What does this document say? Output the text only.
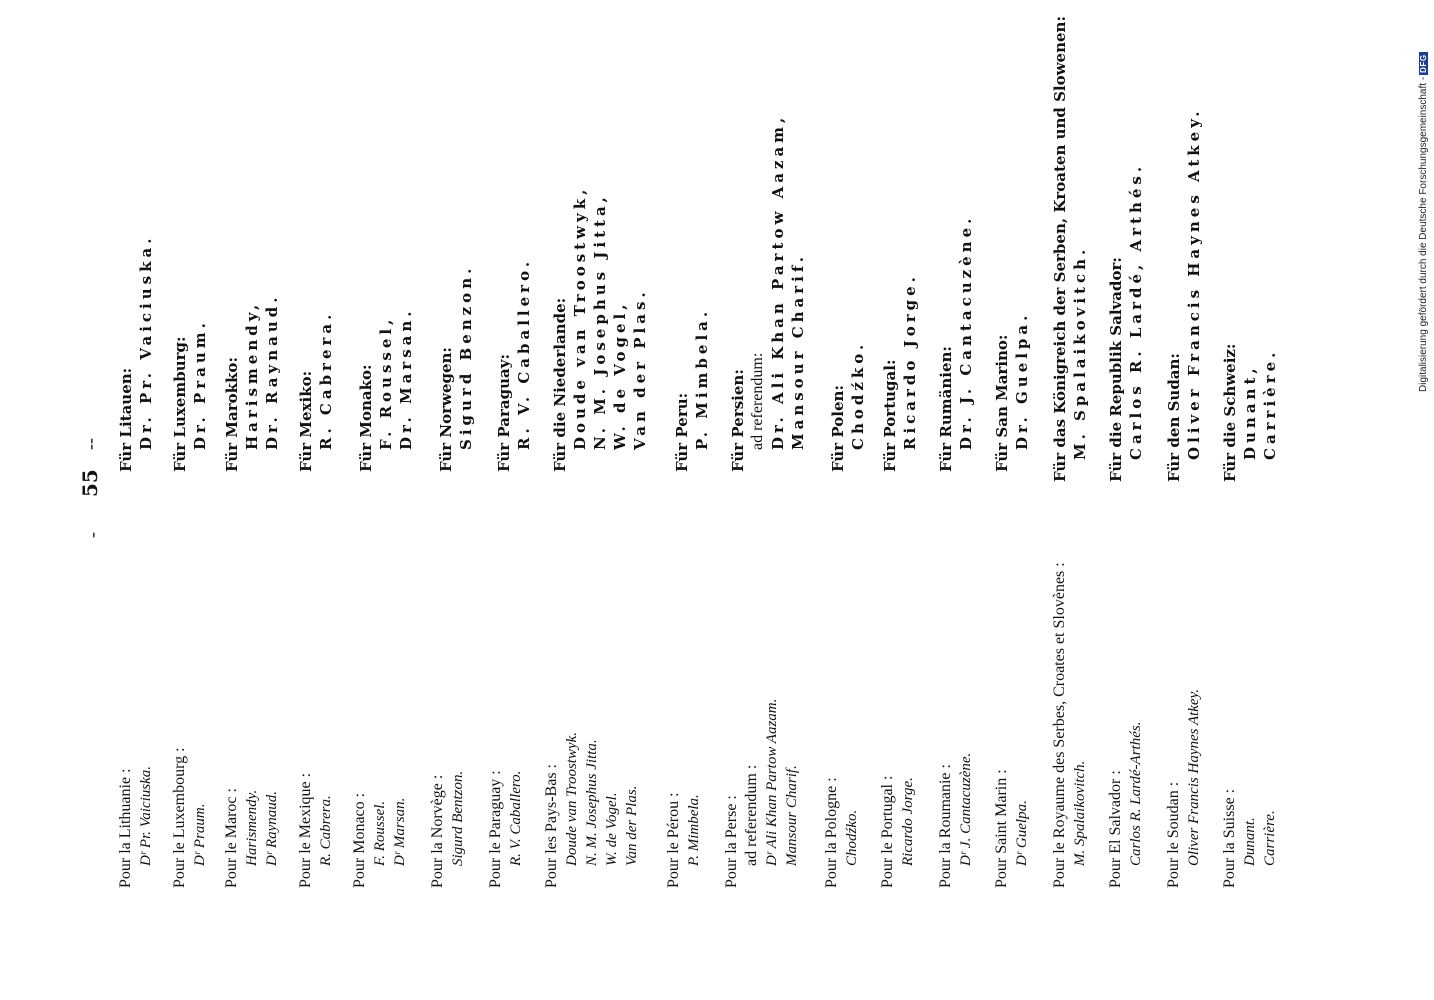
-
55
--
Digitalisierung gefördert durch die Deutsche Forschungsgemeinschaft -DFG
Pour la Lithuanie : Dʳ Pr. Vaiciuska. Pour le Luxembourg : Dʳ Praum. Pour le Maroc : Harismendy. Dʳ Raynaud. Pour le Mexique : R. Cabrera. Pour Monaco : F. Roussel. Dʳ Marsan. Pour la Norvège : Sigurd Bentzon. Pour le Paraguay : R. V. Caballero. Pour les Pays-Bas : Doude van Troostwyk. N. M. Josephus Jitta. W. de Vogel. Van der Plas. Pour le Pérou : P. Mimbela. Pour la Perse : ad referendum : Dʳ Ali Khan Partow Aazam. Mansour Charif. Pour la Pologne : Chodźko. Pour le Portugal : Ricardo Jorge. Pour la Roumanie : Dʳ J. Cantacuzène. Pour Saint Marin : Dʳ Guelpa. Pour le Royaume des Serbes, Croates et Slovènes : M. Spalaikovitch. Pour El Salvador : Carlos R. Lardé-Arthés. Pour le Soudan : Oliver Francis Haynes Atkey. Pour la Suisse : Dunant. Carrière.
Für Litauen: Dr. Pr. Vaiciuska. Für Luxemburg: Dr. Praum. Für Marokko: Harismendy, Dr. Raynaud. Für Mexiko: R. Cabrera. Für Monako: F. Roussel, Dr. Marsan. Für Norwegen: Sigurd Benzon. Für Paraguay: R. V. Caballero. Für die Niederlande: Doude van Troostwyk, N. M. Josephus Jitta, W. de Vogel, Van der Plas. Für Peru: P. Mimbela. Für Persien: ad referendum: Dr. Ali Khan Partow Aazam, Mansour Charif. Für Polen: Chodźko. Für Portugal: Ricardo Jorge. Für Rumänien: Dr. J. Cantacuzène. Für San Marino: Dr. Guelpa. Für das Königreich der Serben, Kroaten und Slowenen: M. Spalaikovitch. Für die Republik Salvador: Carlos R. Lardé, Arthés. Für den Sudan: Oliver Francis Haynes Atkey. Für die Schweiz: Dunant, Carrière.
